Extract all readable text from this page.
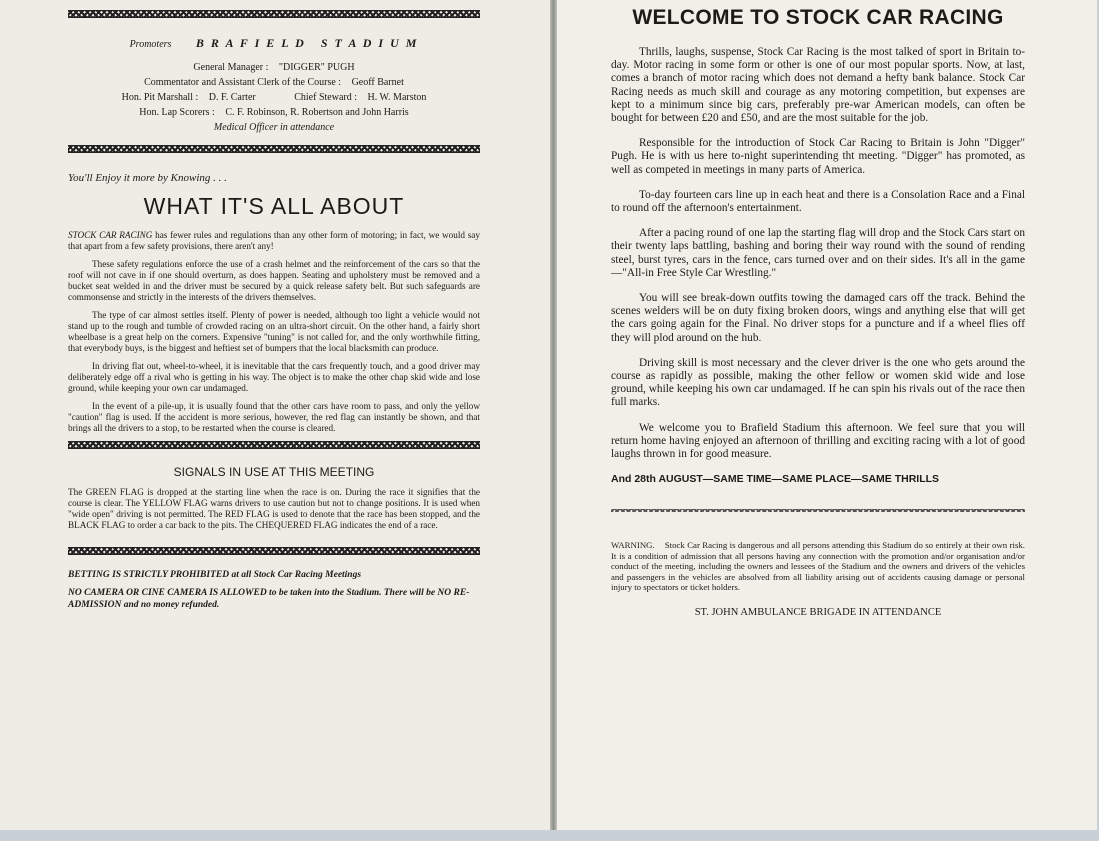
Promoters B R A F I E L D   S T A D I U M
General Manager : "DIGGER" PUGH
Commentator and Assistant Clerk of the Course : Geoff Barnet
Hon. Pit Marshall : D. F. Carter	Chief Steward : H. W. Marston
Hon. Lap Scorers : C. F. Robinson, R. Robertson and John Harris
Medical Officer in attendance
You'll Enjoy it more by Knowing . . .
WHAT IT'S ALL ABOUT

STOCK CAR RACING has fewer rules and regulations than any other form of motoring; in fact, we would say that apart from a few safety provisions, there aren't any!

These safety regulations enforce the use of a crash helmet and the reinforcement of the cars so that the roof will not cave in if one should overturn, as does happen. Seating and upholstery must be removed and a bucket seat welded in and the driver must be secured by a quick release safety belt. But such safeguards are commonsense and strictly in the interests of the drivers themselves.

The type of car almost settles itself. Plenty of power is needed, although too light a vehicle would not stand up to the rough and tumble of crowded racing on an ultra-short circuit. On the other hand, a fairly short wheelbase is a great help on the corners. Expensive "tuning" is not called for, and the only worthwhile fitting, that everybody buys, is the biggest and heftiest set of bumpers that the local blacksmith can produce.

In driving flat out, wheel-to-wheel, it is inevitable that the cars frequently touch, and a good driver may deliberately edge off a rival who is getting in his way. The object is to make the other chap skid wide and lose ground, while keeping your own car undamaged.

In the event of a pile-up, it is usually found that the other cars have room to pass, and only the yellow "caution" flag is used. If the accident is more serious, however, the red flag can instantly be shown, and that brings all the drivers to a stop, to be restarted when the course is cleared.

SIGNALS IN USE AT THIS MEETING

The GREEN FLAG is dropped at the starting line when the race is on. During the race it signifies that the course is clear. The YELLOW FLAG warns drivers to use caution but not to change positions. It is used when "wide open" driving is not permitted. The RED FLAG is used to denote that the race has been stopped, and the BLACK FLAG to order a car back to the pits. The CHEQUERED FLAG indicates the end of a race.

BETTING IS STRICTLY PROHIBITED at all Stock Car Racing Meetings

NO CAMERA OR CINE CAMERA IS ALLOWED to be taken into the Stadium. There will be NO RE-ADMISSION and no money refunded.

WELCOME TO STOCK CAR RACING

Thrills, laughs, suspense, Stock Car Racing is the most talked of sport in Britain to-day. Motor racing in some form or other is one of our most popular sports. Now, at last, comes a branch of motor racing which does not demand a hefty bank balance. Stock Car Racing needs as much skill and courage as any motoring competition, but expenses are kept to a minimum since big cars, preferably pre-war American models, can often be bought for between £20 and £50, and are the most suitable for the job.

Responsible for the introduction of Stock Car Racing to Britain is John "Digger" Pugh. He is with us here to-night superintending tht meeting. "Digger" has promoted, as well as competed in meetings in many parts of America.

To-day fourteen cars line up in each heat and there is a Consolation Race and a Final to round off the afternoon's entertainment.

After a pacing round of one lap the starting flag will drop and the Stock Cars start on their twenty laps battling, bashing and boring their way round with the sound of rending steel, burst tyres, cars in the fence, cars turned over and on their sides. It's all in the game—"All-in Free Style Car Wrestling."

You will see break-down outfits towing the damaged cars off the track. Behind the scenes welders will be on duty fixing broken doors, wings and anything else that will get the cars going again for the Final. No driver stops for a puncture and if a wheel flies off they will plod around on the hub.

Driving skill is most necessary and the clever driver is the one who gets around the course as rapidly as possible, making the other fellow or women skid wide and lose ground, while keeping his own car undamaged. If he can spin his rivals out of the race then full marks.

We welcome you to Brafield Stadium this afternoon. We feel sure that you will return home having enjoyed an afternoon of thrilling and exciting racing with a lot of good laughs thrown in for good measure.

And 28th AUGUST—SAME TIME—SAME PLACE—SAME THRILLS

WARNING. Stock Car Racing is dangerous and all persons attending this Stadium do so entirely at their own risk. It is a condition of admission that all persons having any connection with the promotion and/or organisation and/or conduct of the meeting, including the owners and lessees of the Stadium and the owners and drivers of the vehicles and passengers in the vehicles are absolved from all liability arising out of accidents causing damage or personal injury to spectators or ticket holders.

ST. JOHN AMBULANCE BRIGADE IN ATTENDANCE
